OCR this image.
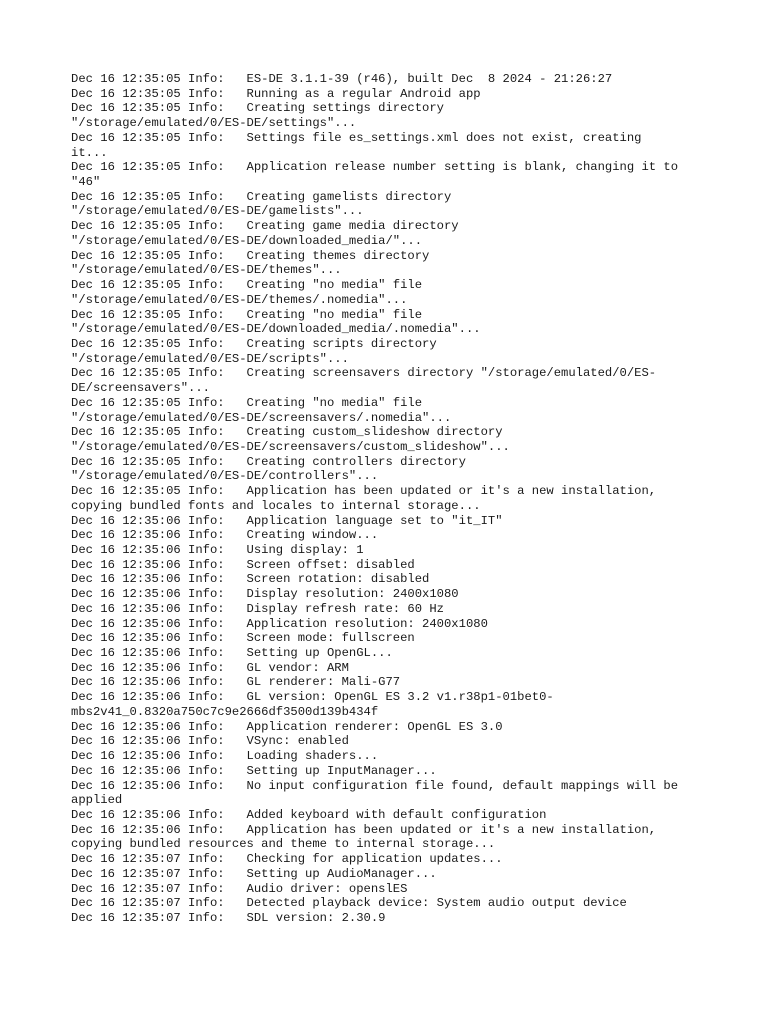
Dec 16 12:35:05 Info:   ES-DE 3.1.1-39 (r46), built Dec  8 2024 - 21:26:27
Dec 16 12:35:05 Info:   Running as a regular Android app
Dec 16 12:35:05 Info:   Creating settings directory
"/storage/emulated/0/ES-DE/settings"...
Dec 16 12:35:05 Info:   Settings file es_settings.xml does not exist, creating
it...
Dec 16 12:35:05 Info:   Application release number setting is blank, changing it to
"46"
Dec 16 12:35:05 Info:   Creating gamelists directory
"/storage/emulated/0/ES-DE/gamelists"...
Dec 16 12:35:05 Info:   Creating game media directory
"/storage/emulated/0/ES-DE/downloaded_media/"...
Dec 16 12:35:05 Info:   Creating themes directory
"/storage/emulated/0/ES-DE/themes"...
Dec 16 12:35:05 Info:   Creating "no media" file
"/storage/emulated/0/ES-DE/themes/.nomedia"...
Dec 16 12:35:05 Info:   Creating "no media" file
"/storage/emulated/0/ES-DE/downloaded_media/.nomedia"...
Dec 16 12:35:05 Info:   Creating scripts directory
"/storage/emulated/0/ES-DE/scripts"...
Dec 16 12:35:05 Info:   Creating screensavers directory "/storage/emulated/0/ES-
DE/screensavers"...
Dec 16 12:35:05 Info:   Creating "no media" file
"/storage/emulated/0/ES-DE/screensavers/.nomedia"...
Dec 16 12:35:05 Info:   Creating custom_slideshow directory
"/storage/emulated/0/ES-DE/screensavers/custom_slideshow"...
Dec 16 12:35:05 Info:   Creating controllers directory
"/storage/emulated/0/ES-DE/controllers"...
Dec 16 12:35:05 Info:   Application has been updated or it's a new installation,
copying bundled fonts and locales to internal storage...
Dec 16 12:35:06 Info:   Application language set to "it_IT"
Dec 16 12:35:06 Info:   Creating window...
Dec 16 12:35:06 Info:   Using display: 1
Dec 16 12:35:06 Info:   Screen offset: disabled
Dec 16 12:35:06 Info:   Screen rotation: disabled
Dec 16 12:35:06 Info:   Display resolution: 2400x1080
Dec 16 12:35:06 Info:   Display refresh rate: 60 Hz
Dec 16 12:35:06 Info:   Application resolution: 2400x1080
Dec 16 12:35:06 Info:   Screen mode: fullscreen
Dec 16 12:35:06 Info:   Setting up OpenGL...
Dec 16 12:35:06 Info:   GL vendor: ARM
Dec 16 12:35:06 Info:   GL renderer: Mali-G77
Dec 16 12:35:06 Info:   GL version: OpenGL ES 3.2 v1.r38p1-01bet0-
mbs2v41_0.8320a750c7c9e2666df3500d139b434f
Dec 16 12:35:06 Info:   Application renderer: OpenGL ES 3.0
Dec 16 12:35:06 Info:   VSync: enabled
Dec 16 12:35:06 Info:   Loading shaders...
Dec 16 12:35:06 Info:   Setting up InputManager...
Dec 16 12:35:06 Info:   No input configuration file found, default mappings will be
applied
Dec 16 12:35:06 Info:   Added keyboard with default configuration
Dec 16 12:35:06 Info:   Application has been updated or it's a new installation,
copying bundled resources and theme to internal storage...
Dec 16 12:35:07 Info:   Checking for application updates...
Dec 16 12:35:07 Info:   Setting up AudioManager...
Dec 16 12:35:07 Info:   Audio driver: openslES
Dec 16 12:35:07 Info:   Detected playback device: System audio output device
Dec 16 12:35:07 Info:   SDL version: 2.30.9
